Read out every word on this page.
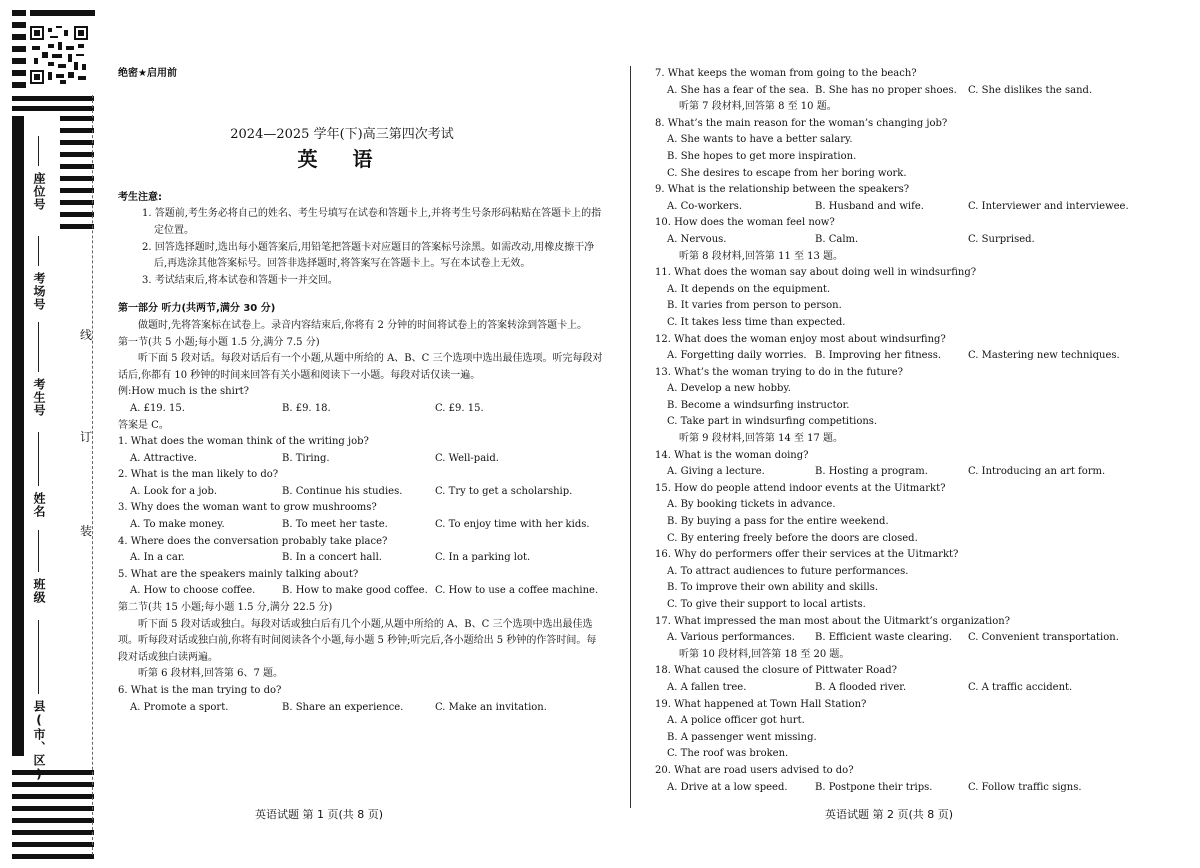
座位号
考场号
考生号
姓名
班级
县(市、区)
线
订
装
绝密★启用前
2024—2025 学年(下)高三第四次考试
英 语
考生注意:
1. 答题前,考生务必将自己的姓名、考生号填写在试卷和答题卡上,并将考生号条形码粘贴在答题卡上的指定位置。
2. 回答选择题时,选出每小题答案后,用铅笔把答题卡对应题目的答案标号涂黑。如需改动,用橡皮擦干净后,再选涂其他答案标号。回答非选择题时,将答案写在答题卡上。写在本试卷上无效。
3. 考试结束后,将本试卷和答题卡一并交回。
第一部分 听力(共两节,满分 30 分)
做题时,先将答案标在试卷上。录音内容结束后,你将有 2 分钟的时间将试卷上的答案转涂到答题卡上。
第一节(共 5 小题;每小题 1.5 分,满分 7.5 分)
听下面 5 段对话。每段对话后有一个小题,从题中所给的 A、B、C 三个选项中选出最佳选项。听完每段对话后,你都有 10 秒钟的时间来回答有关小题和阅读下一小题。每段对话仅读一遍。
例:How much is the shirt?
A. £19. 15.	B. £9. 18.	C. £9. 15.
答案是 C。
1. What does the woman think of the writing job?
A. Attractive.	B. Tiring.	C. Well-paid.
2. What is the man likely to do?
A. Look for a job.	B. Continue his studies.	C. Try to get a scholarship.
3. Why does the woman want to grow mushrooms?
A. To make money.	B. To meet her taste.	C. To enjoy time with her kids.
4. Where does the conversation probably take place?
A. In a car.	B. In a concert hall.	C. In a parking lot.
5. What are the speakers mainly talking about?
A. How to choose coffee.	B. How to make good coffee. C. How to use a coffee machine.
第二节(共 15 小题;每小题 1.5 分,满分 22.5 分)
听下面 5 段对话或独白。每段对话或独白后有几个小题,从题中所给的 A、B、C 三个选项中选出最佳选项。听每段对话或独白前,你将有时间阅读各个小题,每小题 5 秒钟;听完后,各小题给出 5 秒钟的作答时间。每段对话或独白读两遍。
听第 6 段材料,回答第 6、7 题。
6. What is the man trying to do?
A. Promote a sport.	B. Share an experience.	C. Make an invitation.
7. What keeps the woman from going to the beach?
A. She has a fear of the sea. B. She has no proper shoes.	C. She dislikes the sand.
听第 7 段材料,回答第 8 至 10 题。
8. What’s the main reason for the woman’s changing job?
A. She wants to have a better salary.
B. She hopes to get more inspiration.
C. She desires to escape from her boring work.
9. What is the relationship between the speakers?
A. Co-workers.	B. Husband and wife.	C. Interviewer and interviewee.
10. How does the woman feel now?
A. Nervous.	B. Calm.	C. Surprised.
听第 8 段材料,回答第 11 至 13 题。
11. What does the woman say about doing well in windsurfing?
A. It depends on the equipment.
B. It varies from person to person.
C. It takes less time than expected.
12. What does the woman enjoy most about windsurfing?
A. Forgetting daily worries. B. Improving her fitness.	C. Mastering new techniques.
13. What’s the woman trying to do in the future?
A. Develop a new hobby.
B. Become a windsurfing instructor.
C. Take part in windsurfing competitions.
听第 9 段材料,回答第 14 至 17 题。
14. What is the woman doing?
A. Giving a lecture.	B. Hosting a program.	C. Introducing an art form.
15. How do people attend indoor events at the Uitmarkt?
A. By booking tickets in advance.
B. By buying a pass for the entire weekend.
C. By entering freely before the doors are closed.
16. Why do performers offer their services at the Uitmarkt?
A. To attract audiences to future performances.
B. To improve their own ability and skills.
C. To give their support to local artists.
17. What impressed the man most about the Uitmarkt’s organization?
A. Various performances.	B. Efficient waste clearing.	C. Convenient transportation.
听第 10 段材料,回答第 18 至 20 题。
18. What caused the closure of Pittwater Road?
A. A fallen tree.	B. A flooded river.	C. A traffic accident.
19. What happened at Town Hall Station?
A. A police officer got hurt.
B. A passenger went missing.
C. The roof was broken.
20. What are road users advised to do?
A. Drive at a low speed.	B. Postpone their trips.	C. Follow traffic signs.
英语试题 第 1 页(共 8 页)	英语试题 第 2 页(共 8 页)
